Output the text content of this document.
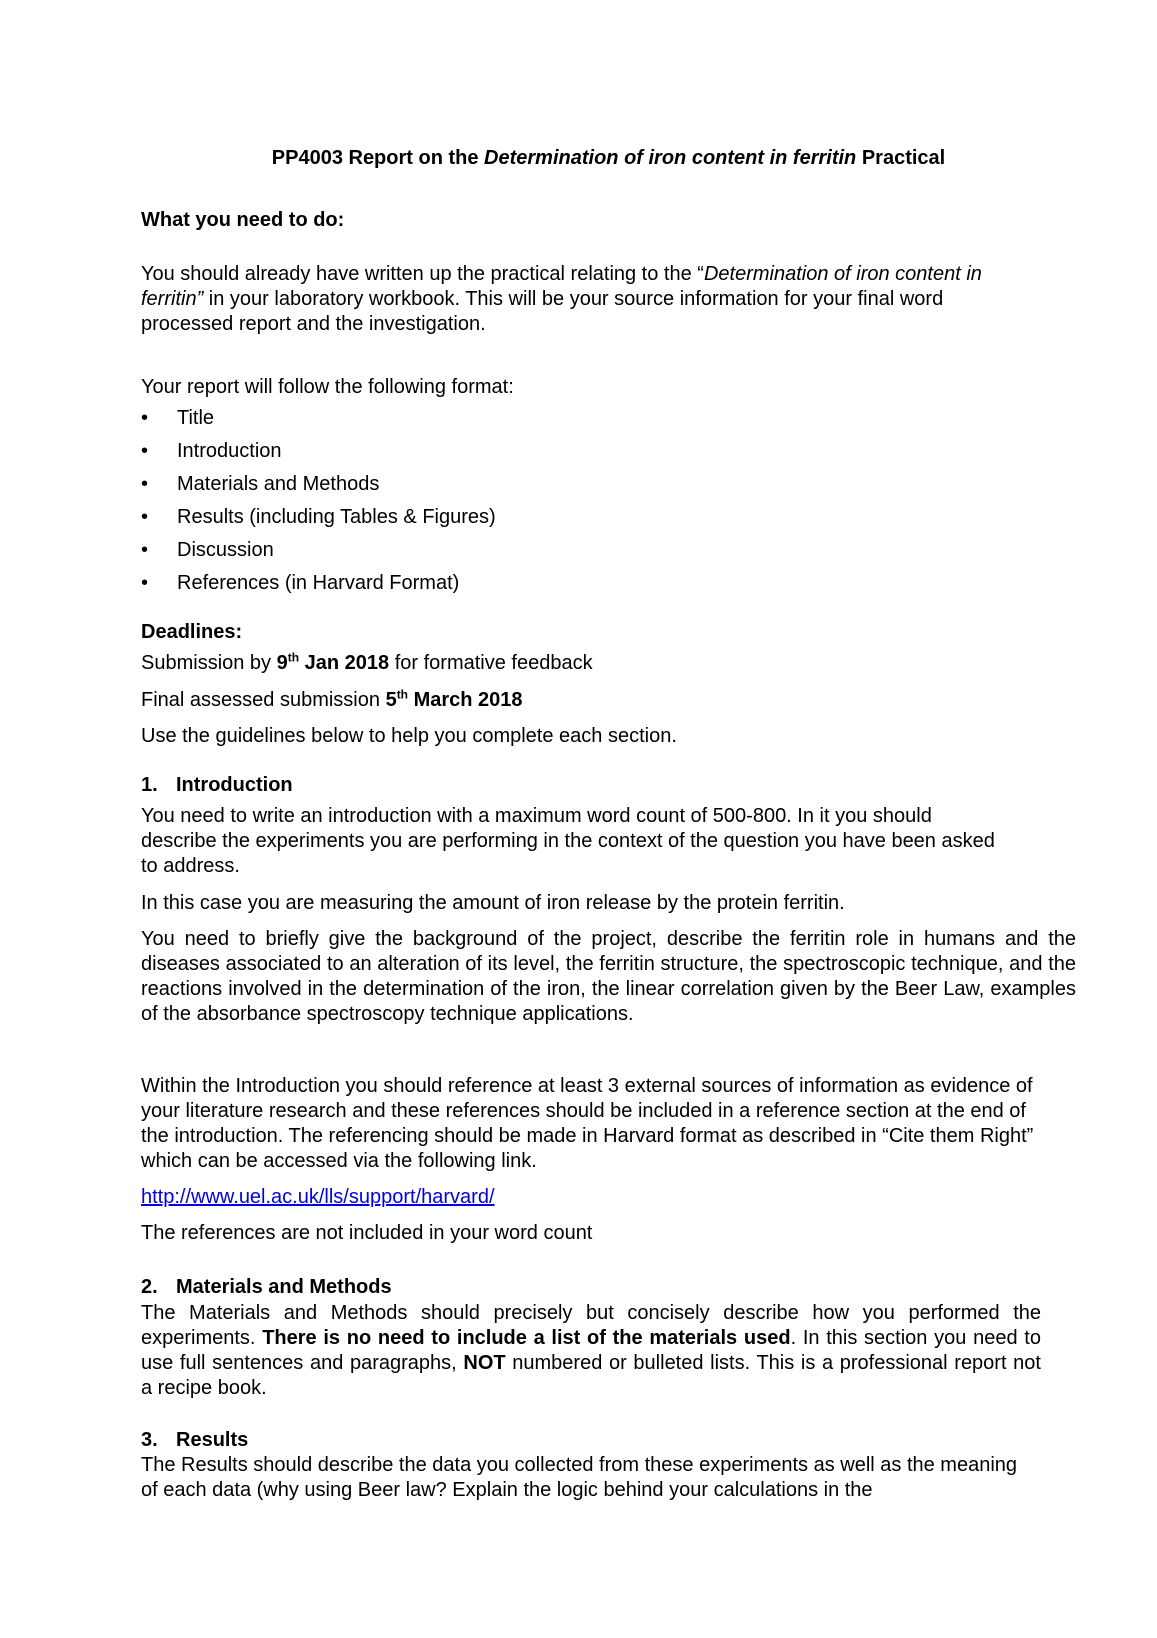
PP4003 Report on the Determination of iron content in ferritin Practical

What you need to do:

You should already have written up the practical relating to the “Determination of iron content in ferritin” in your laboratory workbook. This will be your source information for your final word processed report and the investigation.

Your report will follow the following format:

• Title
• Introduction
• Materials and Methods
• Results (including Tables & Figures)
• Discussion
• References (in Harvard Format)

Deadlines:

Submission by 9th Jan 2018 for formative feedback

Final assessed submission 5th March 2018

Use the guidelines below to help you complete each section.

1. Introduction

You need to write an introduction with a maximum word count of 500-800. In it you should describe the experiments you are performing in the context of the question you have been asked to address.

In this case you are measuring the amount of iron release by the protein ferritin.

You need to briefly give the background of the project, describe the ferritin role in humans and the diseases associated to an alteration of its level, the ferritin structure, the spectroscopic technique, and the reactions involved in the determination of the iron, the linear correlation given by the Beer Law, examples of the absorbance spectroscopy technique applications.

Within the Introduction you should reference at least 3 external sources of information as evidence of your literature research and these references should be included in a reference section at the end of the introduction. The referencing should be made in Harvard format as described in “Cite them Right” which can be accessed via the following link.

http://www.uel.ac.uk/lls/support/harvard/

The references are not included in your word count

2. Materials and Methods

The Materials and Methods should precisely but concisely describe how you performed the experiments. There is no need to include a list of the materials used. In this section you need to use full sentences and paragraphs, NOT numbered or bulleted lists. This is a professional report not a recipe book.

3. Results

The Results should describe the data you collected from these experiments as well as the meaning of each data (why using Beer law? Explain the logic behind your calculations in the
